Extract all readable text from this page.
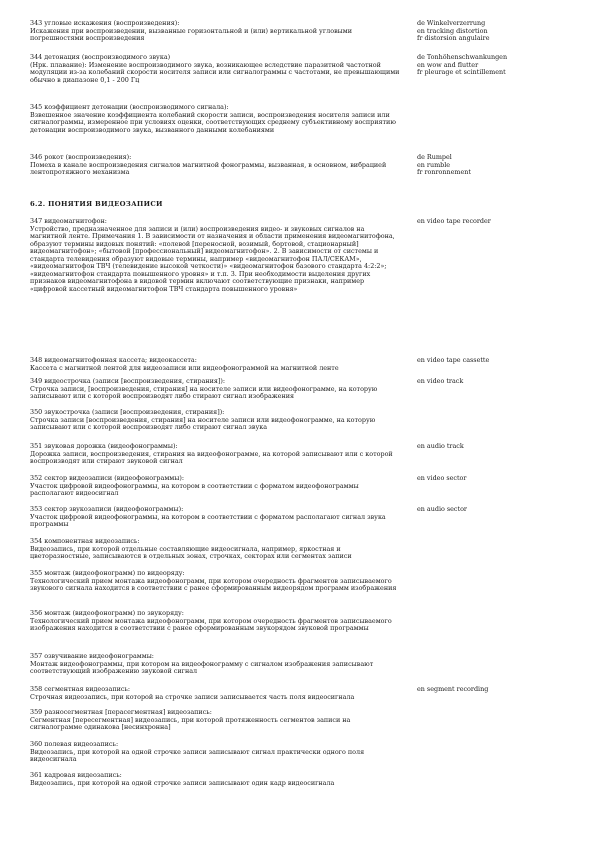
343 угловые искажения (воспроизведения):
Искажения при воспроизведении, вызванные горизонтальной и (или) вертикальной угловыми погрешностями воспроизведения
de Winkelverzerrung
en tracking distortion
fr distorsion angulaire
344 детонация (воспроизводимого звука)
(Нрк. плавание): Изменение воспроизводимого звука, возникающее вследствие паразитной частотной модуляции из-за колебаний скорости носителя записи или сигналограммы с частотами, не превышающими обычно в диапазоне 0,1 - 200 Гц
de Tonhöhenschwankungen
en wow and flutter
fr pleurage et scintillement
345 коэффициент детонации (воспроизводимого сигнала):
Взвешенное значение коэффициента колебаний скорости записи, воспроизведения носителя записи или сигналограммы, измеренное при условиях оценки, соответствующих среднему субъективному восприятию детонации воспроизводимого звука, вызванного данными колебаниями
346 рокот (воспроизведения):
Помеха в канале воспроизведения сигналов магнитной фонограммы, вызванная, в основном, вибрацией лентопротяжного механизма
de Rumpel
en rumble
fr ronronnement
6.2. ПОНЯТИЯ ВИДЕОЗАПИСИ
347 видеомагнитофон:
Устройство, предназначенное для записи и (или) воспроизведения видео- и звуковых сигналов на магнитной ленте. Примечания 1. В зависимости от назначения и области применения видеомагнитофона, образуют термины видовых понятий: «полевой [переносной, возимый, бортовой, стационарный] видеомагнитофон»; «бытовой [профессиональный] видеомагнитофон». 2. В зависимости от системы и стандарта телевидения образуют видовые термины, например «видеомагнитофон ПАЛ/СЕКАМ», «видеомагнитофон ТВЧ (телевидение высокой четкости)» «видеомагнитофон базового стандарта 4:2:2»; «видеомагнитофон стандарта повышенного уровня» и т.п. 3. При необходимости выделения других признаков видеомагнитофона в видовой термин включают соответствующие признаки, например «цифровой кассетный видеомагнитофон ТВЧ стандарта повышенного уровня»
en video tape recorder
348 видеомагнитофонная кассета; видеокассета:
Кассета с магнитной лентой для видеозаписи или видеофонограммой на магнитной ленте
en video tape cassette
349 видеострочка (записи [воспроизведения, стирания]):
Строчка записи, [воспроизведения, стирания] на носителе записи или видеофонограмме, на которую записывают или с которой воспроизводят либо стирают сигнал изображения
en video track
350 звукострочка (записи [воспроизведения, стирания]):
Строчка записи [воспроизведения, стирания] на носителе записи или видеофонограмме, на которую записывают или с которой воспроизводят либо стирают сигнал звука
351 звуковая дорожка (видеофонограммы):
Дорожка записи, воспроизведения, стирания на видеофонограмме, на которой записывают или с которой воспроизводят или стирают звуковой сигнал
en audio track
352 сектор видеозаписи (видеофонограммы):
Участок цифровой видеофонограммы, на котором в соответствии с форматом видеофонограммы располагают видеосигнал
en video sector
353 сектор звукозаписи (видеофонограммы):
Участок цифровой видеофонограммы, на котором в соответствии с форматом располагают сигнал звука программы
en audio sector
354 компонентная видеозапись:
Видеозапись, при которой отдельные составляющие видеосигнала, например, яркостная и цветоразностные, записываются в отдельных зонах, строчках, секторах или сегментах записи
355 монтаж (видеофонограмм) по видеоряду:
Технологический прием монтажа видеофонограмм, при котором очередность фрагментов записываемого звукового сигнала находится в соответствии с ранее сформированным видеорядом программ изображения
356 монтаж (видеофонограмм) по звукоряду:
Технологический прием монтажа видеофонограмм, при котором очередность фрагментов записываемого изображения находится в соответствии с ранее сформированным звукорядом звуковой программы
357 озвучивание видеофонограммы:
Монтаж видеофонограммы, при котором на видеофонограмму с сигналом изображения записывают соответствующий изображению звуковой сигнал
358 сегментная видеозапись:
Строчная видеозапись, при которой на строчке записи записывается часть поля видеосигнала
en segment recording
359 разносегментная [перасегментная] видеозапись:
Сегментная [пересегментная] видеозапись, при которой протяженность сегментов записи на сигналограмме одинакова [несинхронна]
360 полевая видеозапись:
Видеозапись, при которой на одной строчке записи записывают сигнал практически одного поля видеосигнала
361 кадровая видеозапись:
Видеозапись, при которой на одной строчке записи записывают один кадр видеосигнала
